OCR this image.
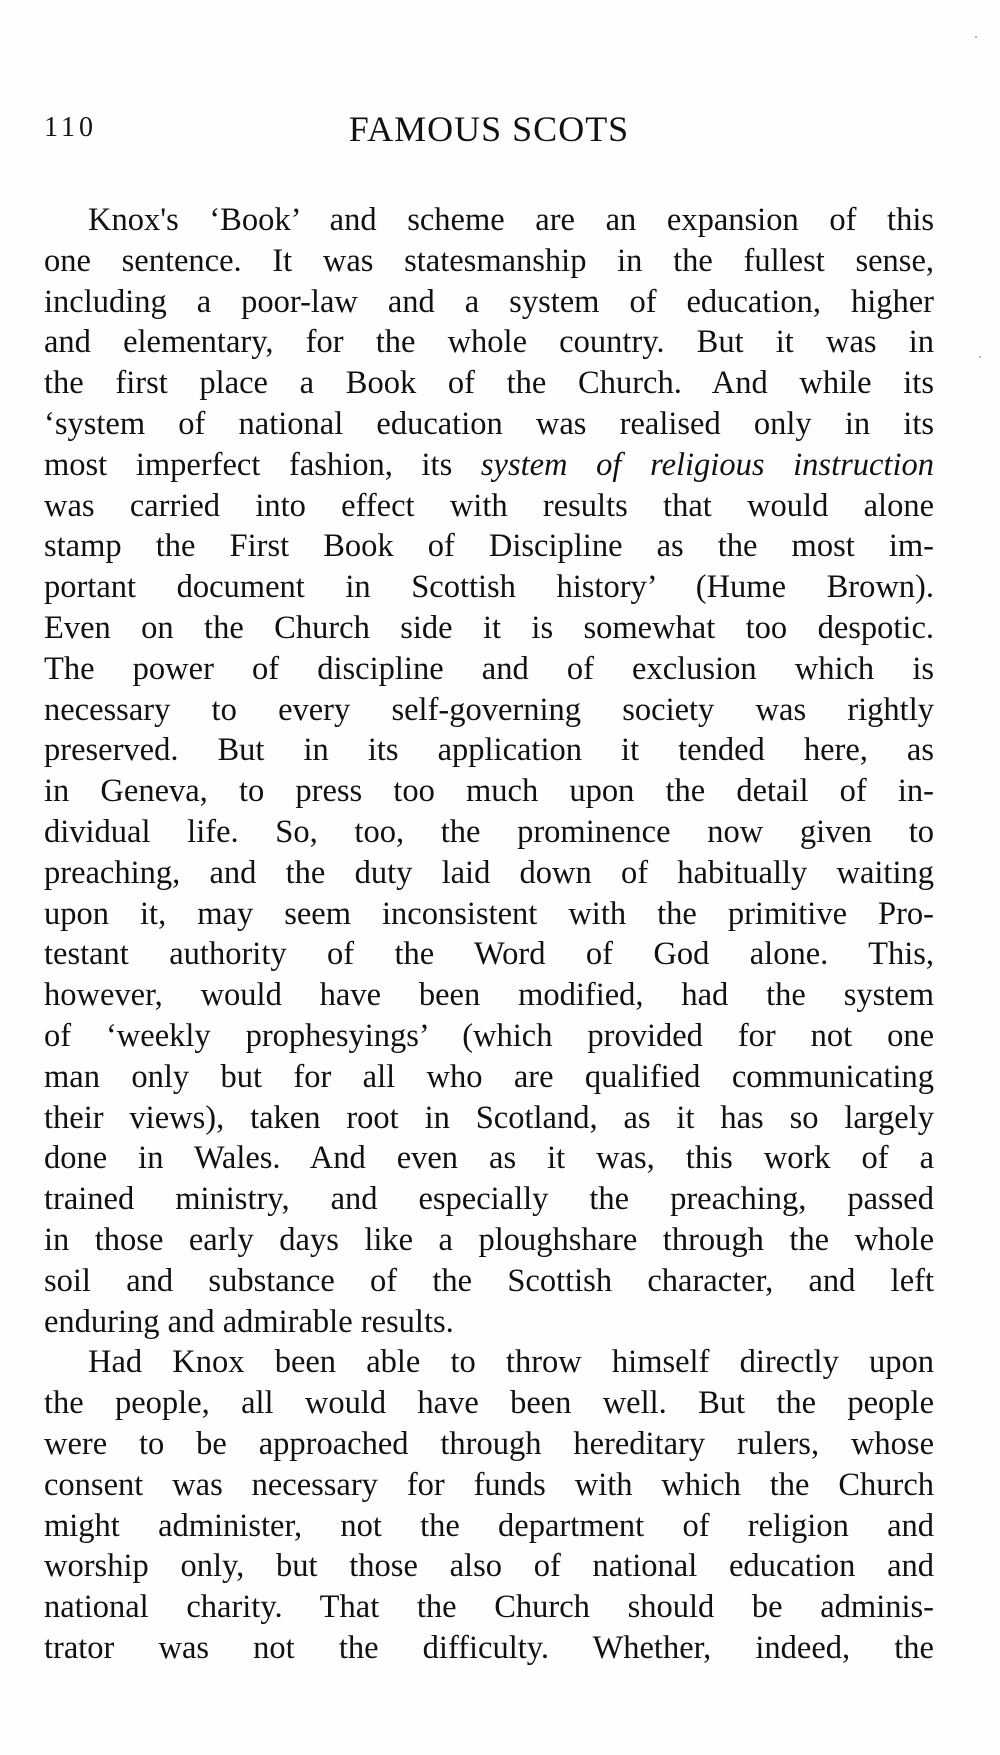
110	FAMOUS SCOTS
Knox's ‘Book’ and scheme are an expansion of this
one sentence. It was statesmanship in the fullest sense,
including a poor-law and a system of education, higher
and elementary, for the whole country. But it was in
the first place a Book of the Church. And while its
‘system of national education was realised only in its
most imperfect fashion, its system of religious instruction
was carried into effect with results that would alone
stamp the First Book of Discipline as the most im-
portant document in Scottish history’ (Hume Brown).
Even on the Church side it is somewhat too despotic.
The power of discipline and of exclusion which is
necessary to every self-governing society was rightly
preserved. But in its application it tended here, as
in Geneva, to press too much upon the detail of in-
dividual life. So, too, the prominence now given to
preaching, and the duty laid down of habitually waiting
upon it, may seem inconsistent with the primitive Pro-
testant authority of the Word of God alone. This,
however, would have been modified, had the system
of ‘weekly prophesyings’ (which provided for not one
man only but for all who are qualified communicating
their views), taken root in Scotland, as it has so largely
done in Wales. And even as it was, this work of a
trained ministry, and especially the preaching, passed
in those early days like a ploughshare through the whole
soil and substance of the Scottish character, and left
enduring and admirable results.
Had Knox been able to throw himself directly upon
the people, all would have been well. But the people
were to be approached through hereditary rulers, whose
consent was necessary for funds with which the Church
might administer, not the department of religion and
worship only, but those also of national education and
national charity. That the Church should be adminis-
trator was not the difficulty. Whether, indeed, the
